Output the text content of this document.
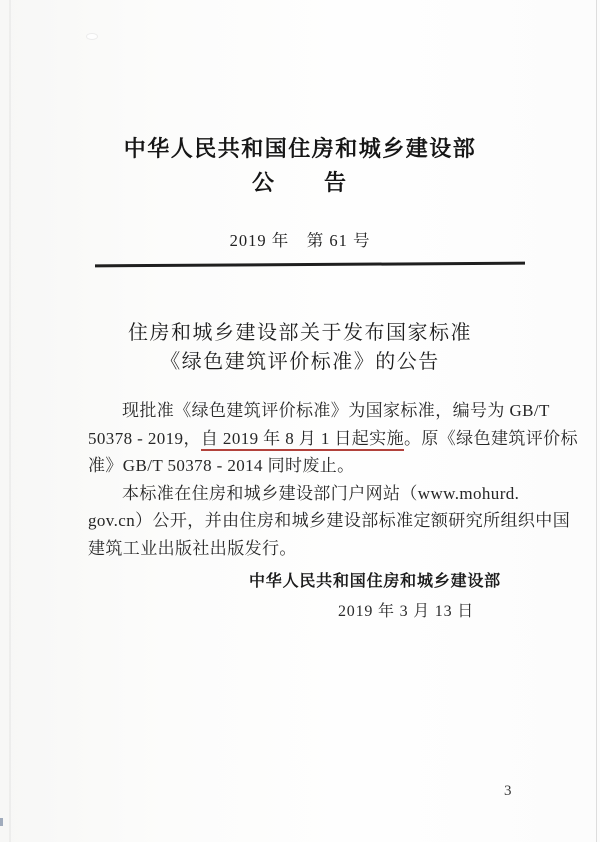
中华人民共和国住房和城乡建设部
公　　告
2019 年　第 61 号
住房和城乡建设部关于发布国家标准
《绿色建筑评价标准》的公告
现批准《绿色建筑评价标准》为国家标准，编号为 GB/T
50378 - 2019，自 2019 年 8 月 1 日起实施。原《绿色建筑评价标
准》GB/T 50378 - 2014 同时废止。
本标准在住房和城乡建设部门户网站（www.mohurd.
gov.cn）公开，并由住房和城乡建设部标准定额研究所组织中国
建筑工业出版社出版发行。
中华人民共和国住房和城乡建设部
2019 年 3 月 13 日
3
